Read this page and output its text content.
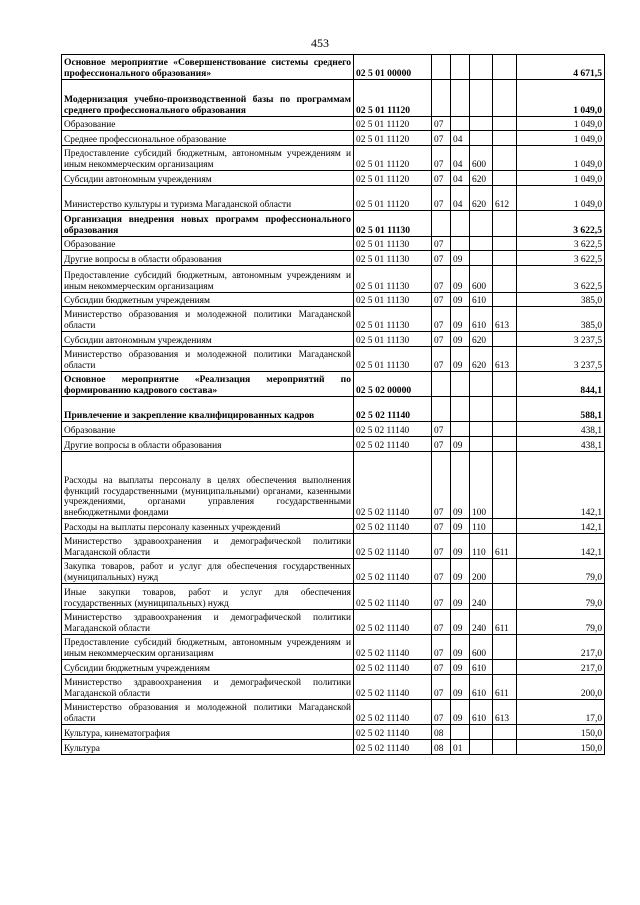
453
Основное мероприятие «Совершенствование системы среднего профессионального образования»	02 5 01 00000					4 671,5
Модернизация учебно-производственной базы по программам среднего профессионального образования	02 5 01 11120					1 049,0
Образование	02 5 01 11120	07				1 049,0
Среднее профессиональное образование	02 5 01 11120	07	04			1 049,0
Предоставление субсидий бюджетным, автономным учреждениям и иным некоммерческим организациям	02 5 01 11120	07	04	600		1 049,0
Субсидии автономным учреждениям	02 5 01 11120	07	04	620		1 049,0
Министерство культуры и туризма Магаданской области	02 5 01 11120	07	04	620	612	1 049,0
Организация внедрения новых программ профессионального образования	02 5 01 11130					3 622,5
Образование	02 5 01 11130	07				3 622,5
Другие вопросы в области образования	02 5 01 11130	07	09			3 622,5
Предоставление субсидий бюджетным, автономным учреждениям и иным некоммерческим организациям	02 5 01 11130	07	09	600		3 622,5
Субсидии бюджетным учреждениям	02 5 01 11130	07	09	610		385,0
Министерство образования и молодежной политики Магаданской области	02 5 01 11130	07	09	610	613	385,0
Субсидии автономным учреждениям	02 5 01 11130	07	09	620		3 237,5
Министерство образования и молодежной политики Магаданской области	02 5 01 11130	07	09	620	613	3 237,5
Основное мероприятие «Реализация мероприятий по формированию кадрового состава»	02 5 02 00000					844,1
Привлечение и закрепление квалифицированных кадров	02 5 02 11140					588,1
Образование	02 5 02 11140	07				438,1
Другие вопросы в области образования	02 5 02 11140	07	09			438,1
Расходы на выплаты персоналу в целях обеспечения выполнения функций государственными (муниципальными) органами, казенными учреждениями, органами управления государственными внебюджетными фондами	02 5 02 11140	07	09	100		142,1
Расходы на выплаты персоналу казенных учреждений	02 5 02 11140	07	09	110		142,1
Министерство здравоохранения и демографической политики Магаданской области	02 5 02 11140	07	09	110	611	142,1
Закупка товаров, работ и услуг для обеспечения государственных (муниципальных) нужд	02 5 02 11140	07	09	200		79,0
Иные закупки товаров, работ и услуг для обеспечения государственных (муниципальных) нужд	02 5 02 11140	07	09	240		79,0
Министерство здравоохранения и демографической политики Магаданской области	02 5 02 11140	07	09	240	611	79,0
Предоставление субсидий бюджетным, автономным учреждениям и иным некоммерческим организациям	02 5 02 11140	07	09	600		217,0
Субсидии бюджетным учреждениям	02 5 02 11140	07	09	610		217,0
Министерство здравоохранения и демографической политики Магаданской области	02 5 02 11140	07	09	610	611	200,0
Министерство образования и молодежной политики Магаданской области	02 5 02 11140	07	09	610	613	17,0
Культура, кинематография	02 5 02 11140	08				150,0
Культура	02 5 02 11140	08	01			150,0
